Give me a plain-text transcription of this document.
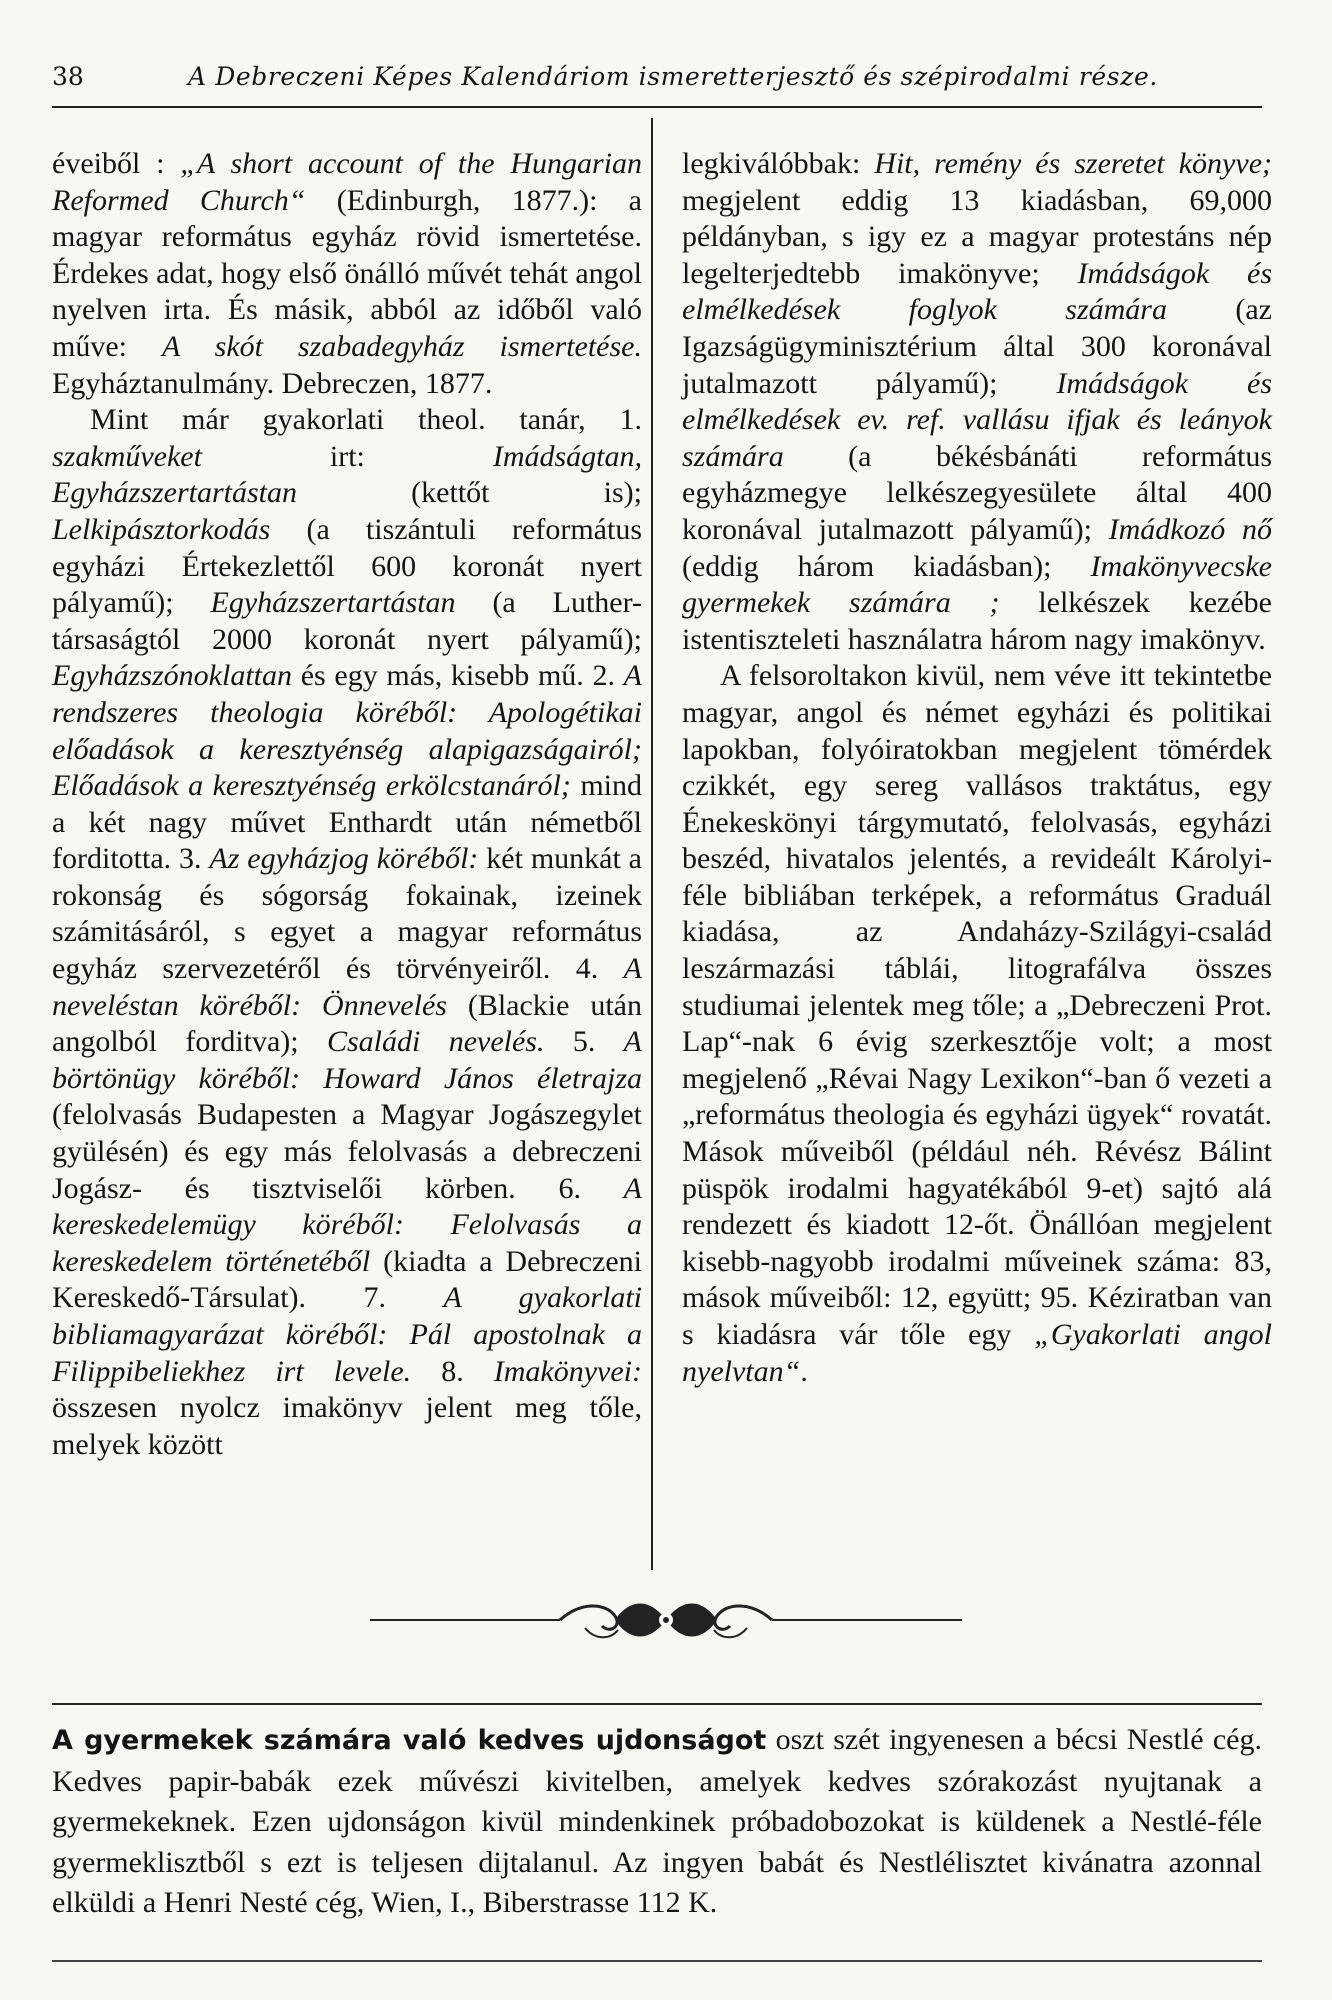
38	A Debreczeni Képes Kalendáriom ismeretterjesztő és szépirodalmi része.

éveiből : „A short account of the Hungarian Reformed Church“ (Edinburgh, 1877.): a magyar református egyház rövid ismertetése. Érdekes adat, hogy első önálló művét tehát angol nyelven irta. És másik, abból az időből való műve: A skót szabadegyház ismertetése. Egyháztanulmány. Debreczen, 1877.

Mint már gyakorlati theol. tanár, 1. szakműveket irt: Imádságtan, Egyházszertartástan (kettőt is); Lelkipásztorkodás (a tiszántuli református egyházi Értekezlettől 600 koronát nyert pályamű); Egyházszertartástan (a Luther-társaságtól 2000 koronát nyert pályamű); Egyházszónoklattan és egy más, kisebb mű. 2. A rendszeres theologia köréből: Apologétikai előadások a keresztyénség alapigazságairól; Előadások a keresztyénség erkölcstanáról; mind a két nagy művet Enthardt után németből forditotta. 3. Az egyházjog köréből: két munkát a rokonság és sógorság fokainak, izeinek számitásáról, s egyet a magyar református egyház szervezetéről és törvényeiről. 4. A neveléstan köréből: Önnevelés (Blackie után angolból forditva); Családi nevelés. 5. A börtönügy köréből: Howard János életrajza (felolvasás Budapesten a Magyar Jogászegylet gyülésén) és egy más felolvasás a debreczeni Jogász- és tisztviselői körben. 6. A kereskedelemügy köréből: Felolvasás a kereskedelem történetéből (kiadta a Debreczeni Kereskedő-Társulat). 7. A gyakorlati bibliamagyarázat köréből: Pál apostolnak a Filippibeliekhez irt levele. 8. Imakönyvei: összesen nyolcz imakönyv jelent meg tőle, melyek között

legkiválóbbak: Hit, remény és szeretet könyve; megjelent eddig 13 kiadásban, 69,000 példányban, s igy ez a magyar protestáns nép legelterjedtebb imakönyve; Imádságok és elmélkedések foglyok számára (az Igazságügyminisztérium által 300 koronával jutalmazott pályamű); Imádságok és elmélkedések ev. ref. vallásu ifjak és leányok számára (a békésbánáti református egyházmegye lelkészegyesülete által 400 koronával jutalmazott pályamű); Imádkozó nő (eddig három kiadásban); Imakönyvecske gyermekek számára ; lelkészek kezébe istentiszteleti használatra három nagy imakönyv.

A felsoroltakon kivül, nem véve itt tekintetbe magyar, angol és német egyházi és politikai lapokban, folyóiratokban megjelent tömérdek czikkét, egy sereg vallásos traktátus, egy Énekeskönyi tárgymutató, felolvasás, egyházi beszéd, hivatalos jelentés, a revideált Károlyi-féle bibliában terképek, a református Graduál kiadása, az Andaházy-Szilágyi-család leszármazási táblái, litografálva összes studiumai jelentek meg tőle; a „Debreczeni Prot. Lap“-nak 6 évig szerkesztője volt; a most megjelenő „Révai Nagy Lexikon“-ban ő vezeti a „református theologia és egyházi ügyek“ rovatát. Mások műveiből (például néh. Révész Bálint püspök irodalmi hagyatékából 9-et) sajtó alá rendezett és kiadott 12-őt. Önállóan megjelent kisebb-nagyobb irodalmi műveinek száma: 83, mások műveiből: 12, együtt; 95. Kéziratban van s kiadásra vár tőle egy „Gyakorlati angol nyelvtan“.

A gyermekek számára való kedves ujdonságot oszt szét ingyenesen a bécsi Nestlé cég. Kedves papir-babák ezek művészi kivitelben, amelyek kedves szórakozást nyujtanak a gyermekeknek. Ezen ujdonságon kivül mindenkinek próbadobozokat is küldenek a Nestlé-féle gyermeklisztből s ezt is teljesen dijtalanul. Az ingyen babát és Nestlélisztet kivánatra azonnal elküldi a Henri Nesté cég, Wien, I., Biberstrasse 112 K.
